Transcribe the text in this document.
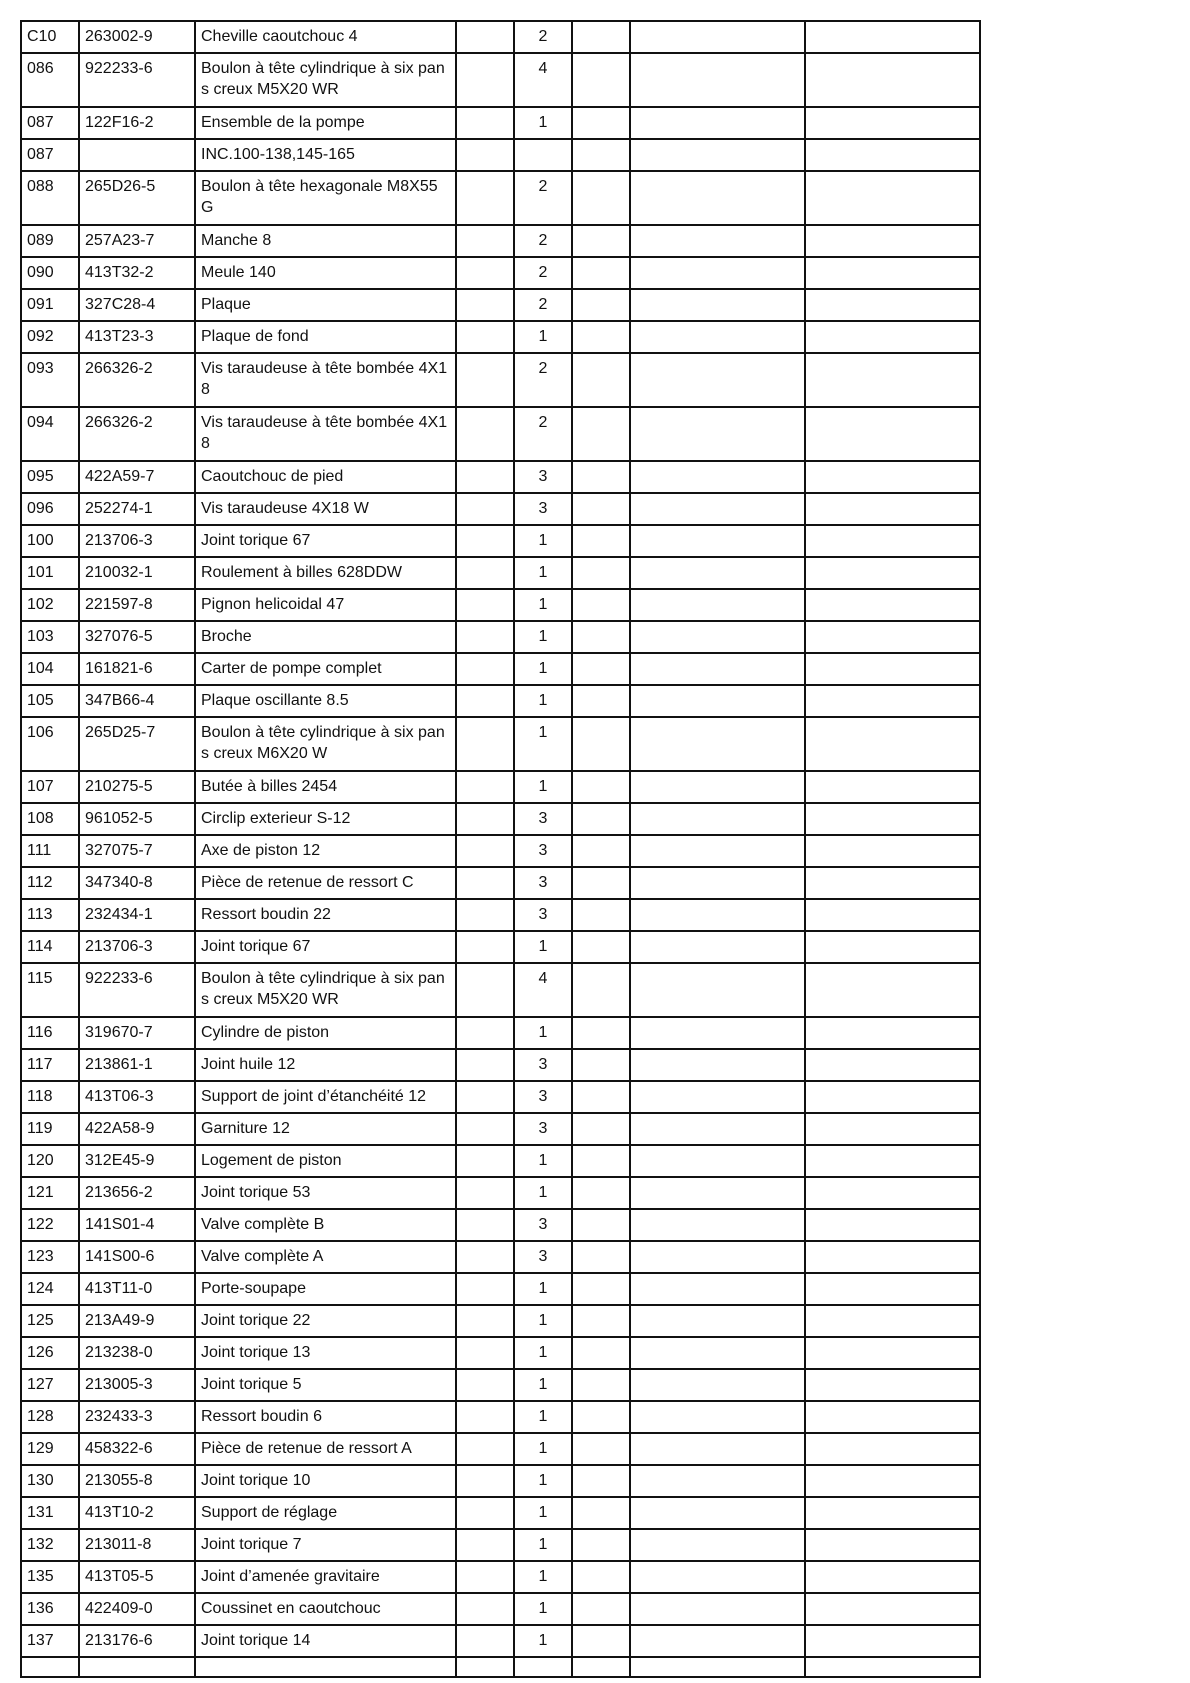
C10	263002-9	Cheville caoutchouc 4		2			
086	922233-6	Boulon à tête cylindrique à six pans creux M5X20 WR		4			
087	122F16-2	Ensemble de la pompe		1			
087		INC.100-138,145-165					
088	265D26-5	Boulon à tête hexagonale M8X55 G		2			
089	257A23-7	Manche 8		2			
090	413T32-2	Meule 140		2			
091	327C28-4	Plaque		2			
092	413T23-3	Plaque de fond		1			
093	266326-2	Vis taraudeuse à tête bombée 4X18		2			
094	266326-2	Vis taraudeuse à tête bombée 4X18		2			
095	422A59-7	Caoutchouc de pied		3			
096	252274-1	Vis taraudeuse 4X18 W		3			
100	213706-3	Joint torique 67		1			
101	210032-1	Roulement à billes 628DDW		1			
102	221597-8	Pignon helicoidal 47		1			
103	327076-5	Broche		1			
104	161821-6	Carter de pompe complet		1			
105	347B66-4	Plaque oscillante 8.5		1			
106	265D25-7	Boulon à tête cylindrique à six pans creux M6X20 W		1			
107	210275-5	Butée à billes 2454		1			
108	961052-5	Circlip exterieur S-12		3			
111	327075-7	Axe de piston 12		3			
112	347340-8	Pièce de retenue de ressort C		3			
113	232434-1	Ressort boudin 22		3			
114	213706-3	Joint torique 67		1			
115	922233-6	Boulon à tête cylindrique à six pans creux M5X20 WR		4			
116	319670-7	Cylindre de piston		1			
117	213861-1	Joint huile 12		3			
118	413T06-3	Support de joint d’étanchéité 12		3			
119	422A58-9	Garniture 12		3			
120	312E45-9	Logement de piston		1			
121	213656-2	Joint torique 53		1			
122	141S01-4	Valve complète B		3			
123	141S00-6	Valve complète A		3			
124	413T11-0	Porte-soupape		1			
125	213A49-9	Joint torique 22		1			
126	213238-0	Joint torique 13		1			
127	213005-3	Joint torique 5		1			
128	232433-3	Ressort boudin 6		1			
129	458322-6	Pièce de retenue de ressort A		1			
130	213055-8	Joint torique 10		1			
131	413T10-2	Support de réglage		1			
132	213011-8	Joint torique 7		1			
135	413T05-5	Joint d’amenée gravitaire		1			
136	422409-0	Coussinet en caoutchouc		1			
137	213176-6	Joint torique 14		1			
